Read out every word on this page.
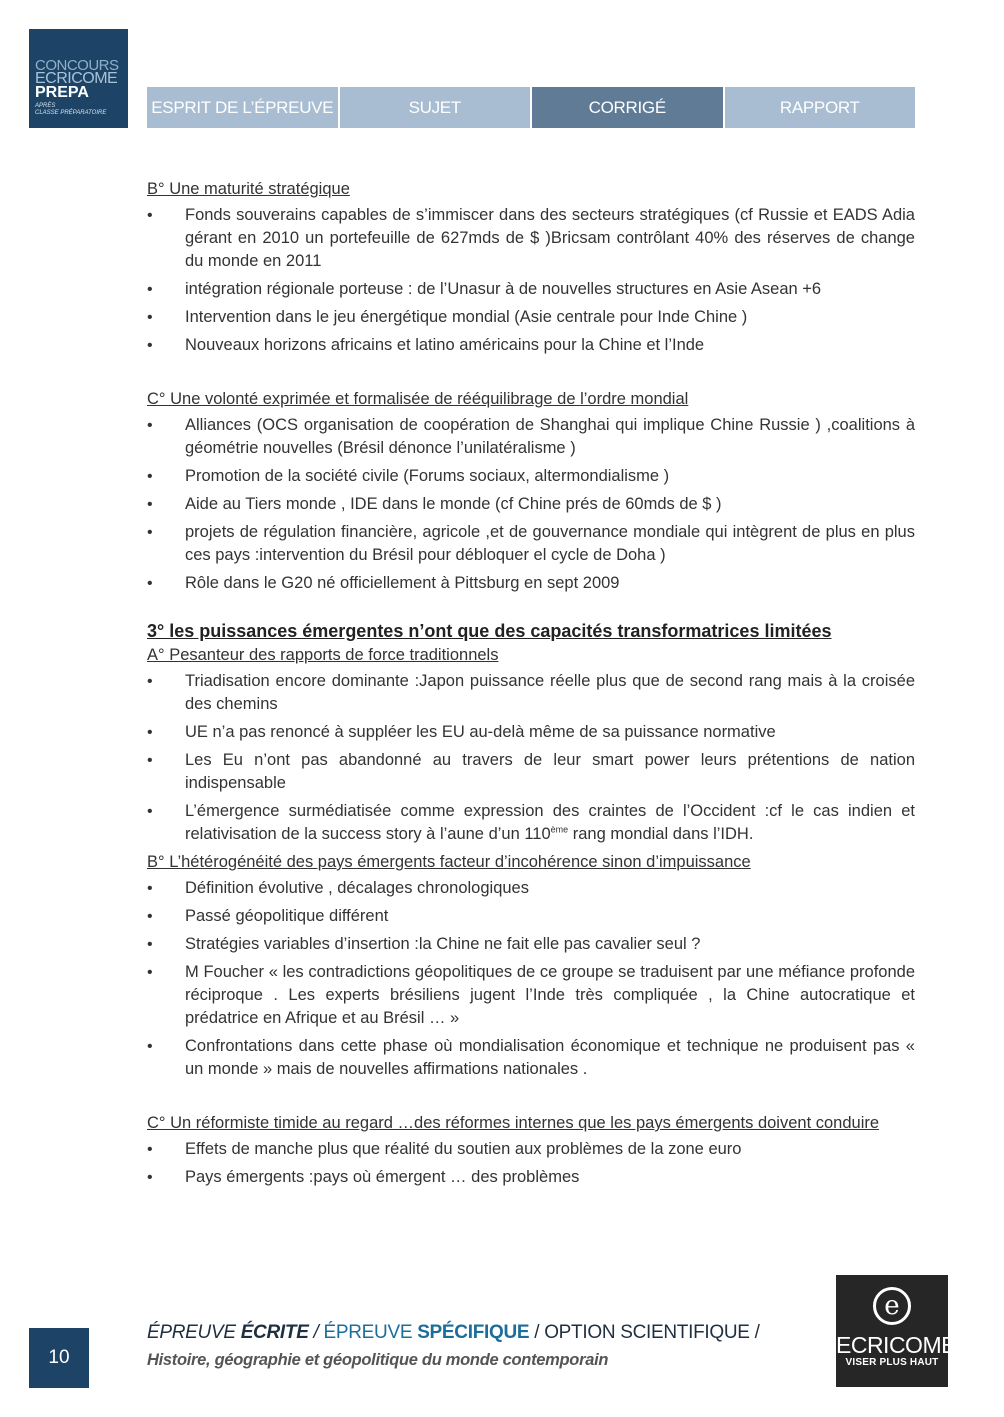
CONCOURS
ECRICOME
PREPA
APRÈS
CLASSE PRÉPARATOIRE	ESPRIT DE L’ÉPREUVE	SUJET	CORRIGÉ	RAPPORT

B° Une maturité stratégique

• Fonds souverains capables de s’immiscer dans des secteurs stratégiques (cf Russie et EADS Adia gérant en 2010 un portefeuille de 627mds de $ )Bricsam contrôlant 40% des réserves de change du monde en 2011
• intégration régionale porteuse : de l’Unasur à de nouvelles structures en Asie Asean +6
• Intervention dans le jeu énergétique mondial (Asie centrale pour Inde Chine )
• Nouveaux horizons africains et latino américains pour la Chine et l’Inde

C° Une volonté exprimée et formalisée de rééquilibrage de l’ordre mondial

• Alliances (OCS organisation de coopération de Shanghai qui implique Chine Russie ) ,coalitions à géométrie nouvelles (Brésil dénonce l’unilatéralisme )
• Promotion de la société civile (Forums sociaux, altermondialisme )
• Aide au Tiers monde , IDE dans le monde (cf Chine prés de 60mds de $ )
• projets de régulation financière, agricole ,et de gouvernance mondiale qui intègrent de plus en plus ces pays :intervention du Brésil pour débloquer el cycle de Doha )
• Rôle dans le G20 né officiellement à Pittsburg en sept 2009

3° les puissances émergentes n’ont que des capacités transformatrices limitées

A° Pesanteur des rapports de force traditionnels

• Triadisation encore dominante :Japon puissance réelle plus que de second rang mais à la croisée des chemins
• UE n’a pas renoncé à suppléer les EU au-delà même de sa puissance normative
• Les Eu n’ont pas abandonné au travers de leur smart power leurs prétentions de nation indispensable
• L’émergence surmédiatisée comme expression des craintes de l’Occident :cf le cas indien et relativisation de la success story à l’aune d’un 110ème rang mondial dans l’IDH.

B° L’hétérogénéité des pays émergents facteur d’incohérence sinon d’impuissance

• Définition évolutive , décalages chronologiques
• Passé géopolitique différent
• Stratégies variables d’insertion :la Chine ne fait elle pas cavalier seul ?
• M Foucher « les contradictions géopolitiques de ce groupe se traduisent par une méfiance profonde réciproque . Les experts brésiliens jugent l’Inde très compliquée , la Chine autocratique et prédatrice en Afrique et au Brésil … »
• Confrontations dans cette phase où mondialisation économique et technique ne produisent pas « un monde » mais de nouvelles affirmations nationales .

C° Un réformiste timide au regard …des réformes internes que les pays émergents doivent conduire

• Effets de manche plus que réalité du soutien aux problèmes de la zone euro
• Pays émergents :pays où émergent … des problèmes
10
ÉPREUVE ÉCRITE / ÉPREUVE SPÉCIFIQUE / OPTION SCIENTIFIQUE /
Histoire, géographie et géopolitique du monde contemporain
e
ECRICOME
VISER PLUS HAUT
